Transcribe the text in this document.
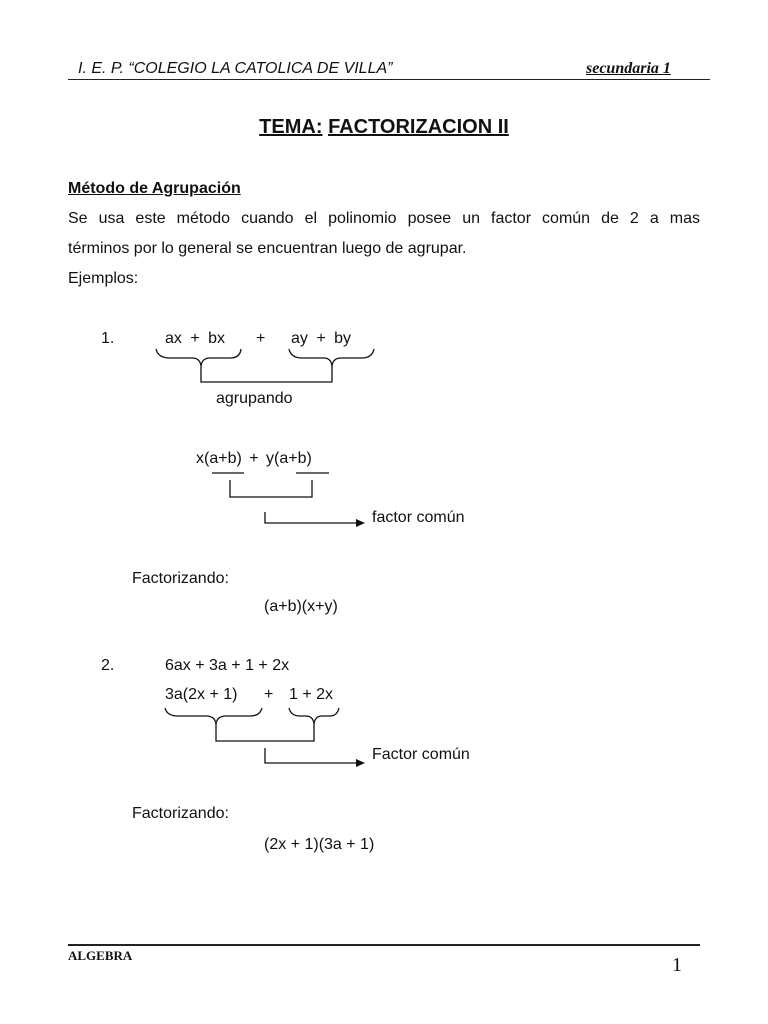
I. E. P. “COLEGIO LA CATOLICA DE VILLA”	secundaria 1
TEMA: FACTORIZACION II
Método de Agrupación
Se usa este método cuando el polinomio posee un factor común de 2 a mas
términos por lo general se encuentran luego de agrupar.
Ejemplos:
1.	ax + bx + ay + by
agrupando
x(a+b) + y(a+b)
factor común
Factorizando:
(a+b)(x+y)
2.	6ax + 3a + 1 + 2x
3a(2x + 1) + 1 + 2x
Factor común
Factorizando:
(2x + 1)(3a + 1)
ALGEBRA	1
